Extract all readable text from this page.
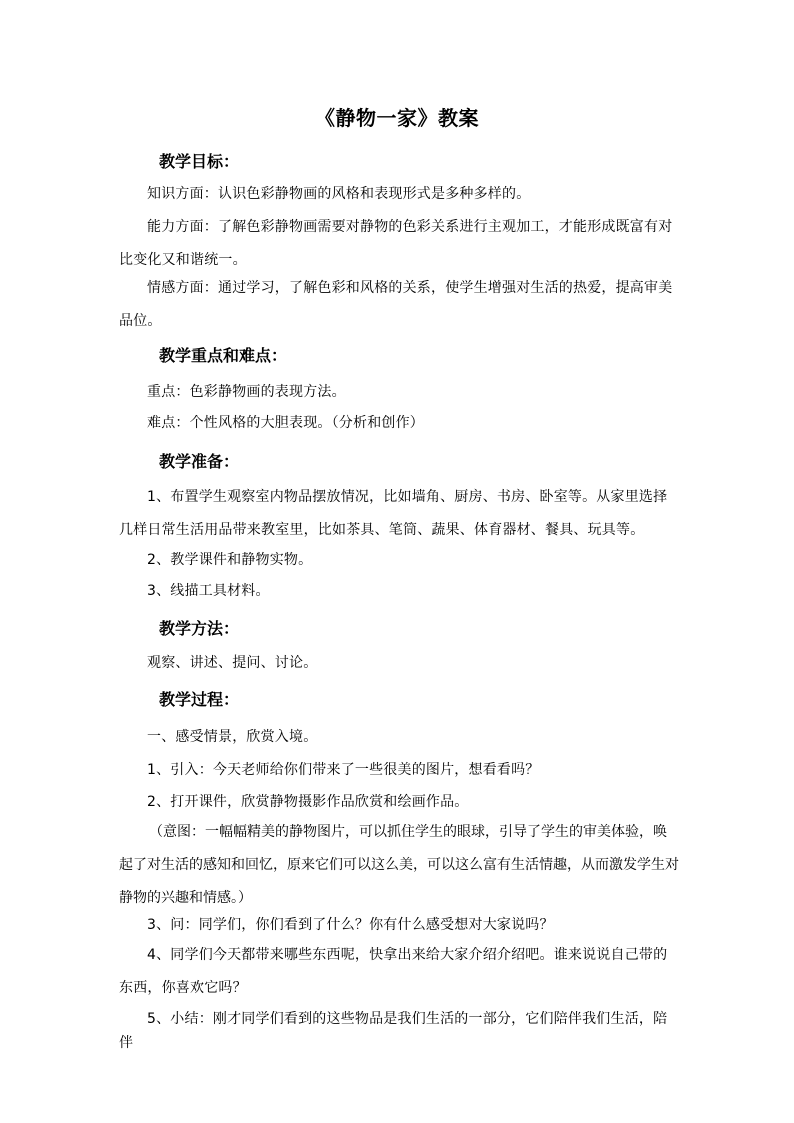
《静物一家》教案
教学目标：
知识方面：认识色彩静物画的风格和表现形式是多种多样的。
能力方面：了解色彩静物画需要对静物的色彩关系进行主观加工，才能形成既富有对比变化又和谐统一。
情感方面：通过学习，了解色彩和风格的关系，使学生增强对生活的热爱，提高审美品位。
教学重点和难点：
重点：色彩静物画的表现方法。
难点：个性风格的大胆表现。（分析和创作）
教学准备：
1、布置学生观察室内物品摆放情况，比如墙角、厨房、书房、卧室等。从家里选择几样日常生活用品带来教室里，比如茶具、笔筒、蔬果、体育器材、餐具、玩具等。
2、教学课件和静物实物。
3、线描工具材料。
教学方法：
观察、讲述、提问、讨论。
教学过程：
一、感受情景，欣赏入境。
1、引入：今天老师给你们带来了一些很美的图片，想看看吗？
2、打开课件，欣赏静物摄影作品欣赏和绘画作品。
（意图：一幅幅精美的静物图片，可以抓住学生的眼球，引导了学生的审美体验，唤起了对生活的感知和回忆，原来它们可以这么美，可以这么富有生活情趣，从而激发学生对静物的兴趣和情感。）
3、问：同学们，你们看到了什么？你有什么感受想对大家说吗？
4、同学们今天都带来哪些东西呢，快拿出来给大家介绍介绍吧。谁来说说自己带的东西，你喜欢它吗？
5、小结：刚才同学们看到的这些物品是我们生活的一部分，它们陪伴我们生活，陪伴
